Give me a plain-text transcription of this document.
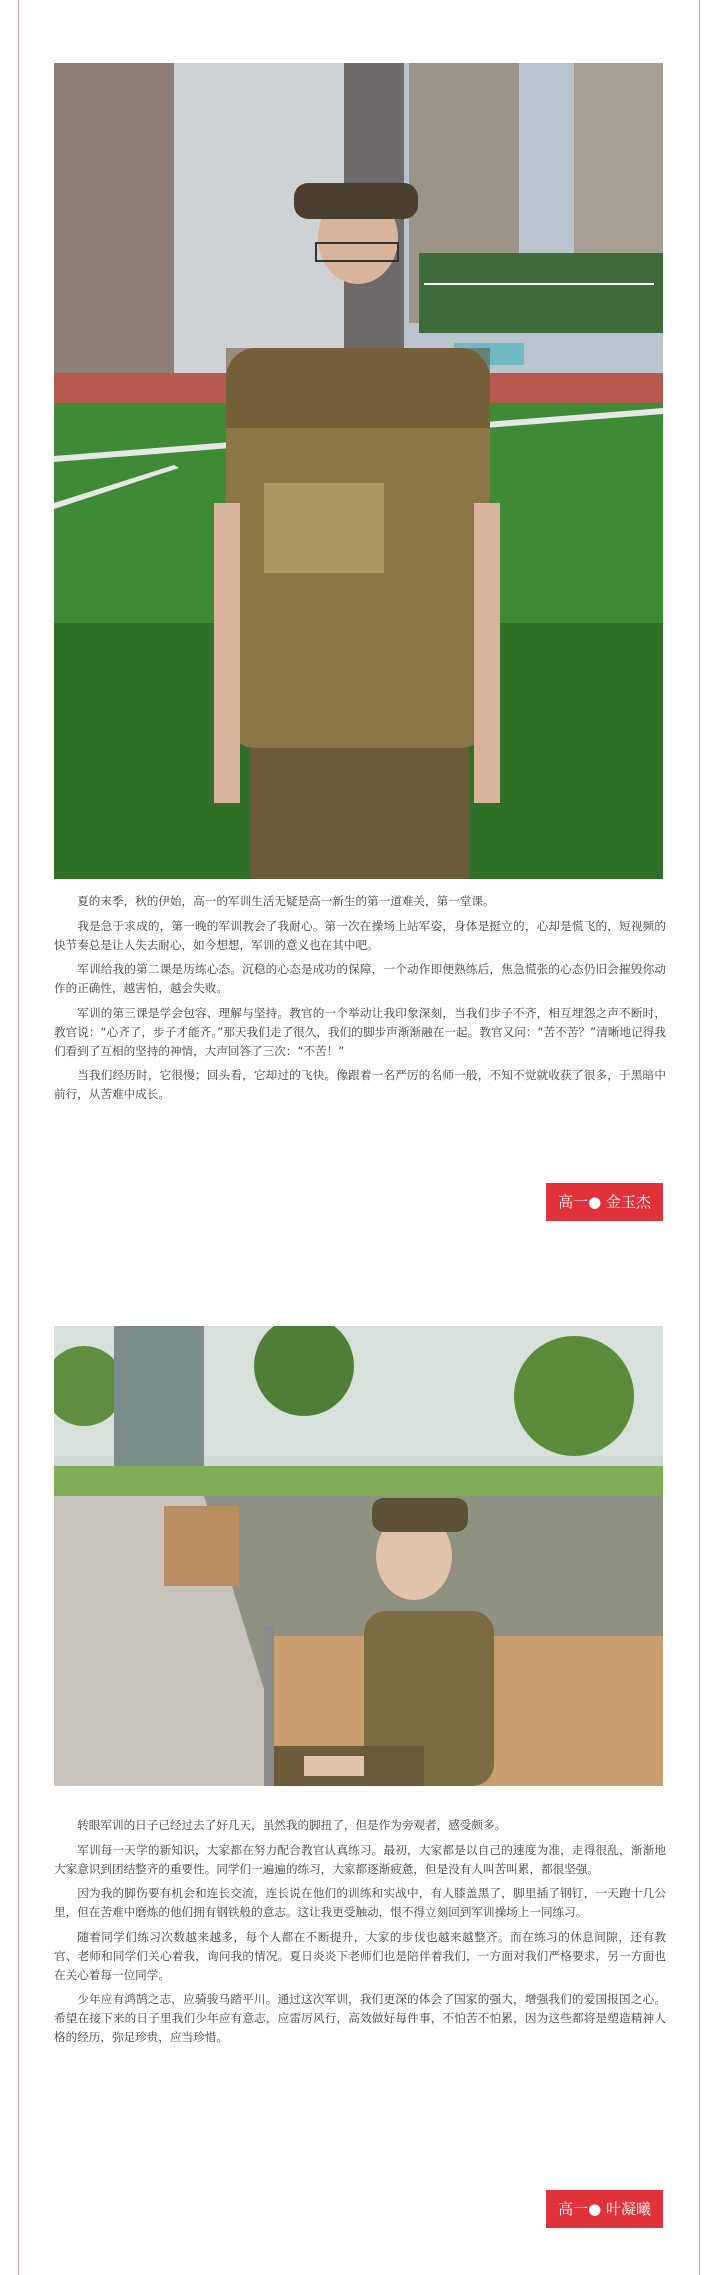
夏的末季，秋的伊始，高一的军训生活无疑是高一新生的第一道难关，第一堂课。

我是急于求成的，第一晚的军训教会了我耐心。第一次在操场上站军姿，身体是挺立的，心却是慌飞的，短视频的快节奏总是让人失去耐心，如今想想，军训的意义也在其中吧。

军训给我的第二课是历练心态。沉稳的心态是成功的保障，一个动作即便熟练后，焦急慌张的心态仍旧会摧毁你动作的正确性，越害怕，越会失败。

军训的第三课是学会包容、理解与坚持。教官的一个举动让我印象深刻，当我们步子不齐，相互埋怨之声不断时，教官说：“心齐了，步子才能齐。”那天我们走了很久，我们的脚步声渐渐融在一起。教官又问：“苦不苦？”清晰地记得我们看到了互相的坚持的神情，大声回答了三次：“不苦！”

当我们经历时，它很慢；回头看，它却过的飞快。像跟着一名严厉的名师一般，不知不觉就收获了很多，于黑暗中前行，从苦难中成长。

高一● 金玉杰

转眼军训的日子已经过去了好几天，虽然我的脚扭了，但是作为旁观者，感受颇多。

军训每一天学的新知识，大家都在努力配合教官认真练习。最初，大家都是以自己的速度为准，走得很乱，渐渐地大家意识到团结整齐的重要性。同学们一遍遍的练习，大家都逐渐疲惫，但是没有人叫苦叫累，都很坚强。

因为我的脚伤要有机会和连长交流，连长说在他们的训练和实战中，有人膝盖黑了，脚里插了钢钉，一天跑十几公里，但在苦难中磨炼的他们拥有钢铁般的意志。这让我更受触动，恨不得立刻回到军训操场上一同练习。

随着同学们练习次数越来越多，每个人都在不断提升，大家的步伐也越来越整齐。而在练习的休息间隙，还有教官、老师和同学们关心着我，询问我的情况。夏日炎炎下老师们也是陪伴着我们，一方面对我们严格要求，另一方面也在关心着每一位同学。

少年应有鸿鹄之志，应骑骏马踏平川。通过这次军训，我们更深的体会了国家的强大，增强我们的爱国报国之心。希望在接下来的日子里我们少年应有意志，应雷厉风行，高效做好每件事，不怕苦不怕累，因为这些都将是塑造精神人格的经历，弥足珍贵，应当珍惜。

高一● 叶凝曦
